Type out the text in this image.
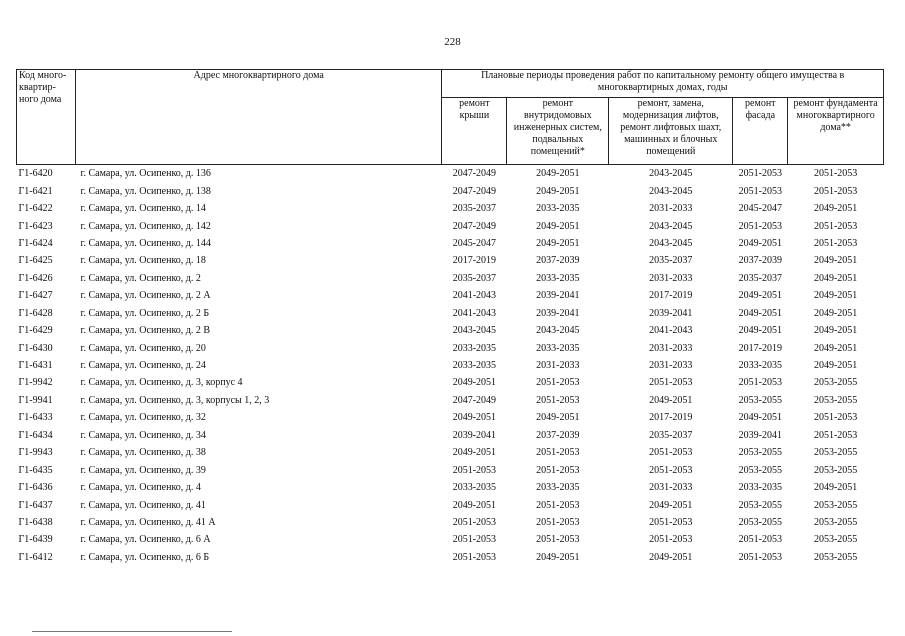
228
Код много-квартир-ного дома	Адрес многоквартирного дома	Плановые периоды проведения работ по капитальному ремонту общего имущества в многоквартирных домах, годы				
		ремонт крыши	ремонт внутридомовых инженерных систем, подвальных помещений*	ремонт, замена, модернизация лифтов, ремонт лифтовых шахт, машинных и блочных помещений	ремонт фасада	ремонт фундамента многоквартирного дома**
Г1-6420	г. Самара, ул. Осипенко, д. 136	2047-2049	2049-2051	2043-2045	2051-2053	2051-2053
Г1-6421	г. Самара, ул. Осипенко, д. 138	2047-2049	2049-2051	2043-2045	2051-2053	2051-2053
Г1-6422	г. Самара, ул. Осипенко, д. 14	2035-2037	2033-2035	2031-2033	2045-2047	2049-2051
Г1-6423	г. Самара, ул. Осипенко, д. 142	2047-2049	2049-2051	2043-2045	2051-2053	2051-2053
Г1-6424	г. Самара, ул. Осипенко, д. 144	2045-2047	2049-2051	2043-2045	2049-2051	2051-2053
Г1-6425	г. Самара, ул. Осипенко, д. 18	2017-2019	2037-2039	2035-2037	2037-2039	2049-2051
Г1-6426	г. Самара, ул. Осипенко, д. 2	2035-2037	2033-2035	2031-2033	2035-2037	2049-2051
Г1-6427	г. Самара, ул. Осипенко, д. 2 А	2041-2043	2039-2041	2017-2019	2049-2051	2049-2051
Г1-6428	г. Самара, ул. Осипенко, д. 2 Б	2041-2043	2039-2041	2039-2041	2049-2051	2049-2051
Г1-6429	г. Самара, ул. Осипенко, д. 2 В	2043-2045	2043-2045	2041-2043	2049-2051	2049-2051
Г1-6430	г. Самара, ул. Осипенко, д. 20	2033-2035	2033-2035	2031-2033	2017-2019	2049-2051
Г1-6431	г. Самара, ул. Осипенко, д. 24	2033-2035	2031-2033	2031-2033	2033-2035	2049-2051
Г1-9942	г. Самара, ул. Осипенко, д. 3, корпус 4	2049-2051	2051-2053	2051-2053	2051-2053	2053-2055
Г1-9941	г. Самара, ул. Осипенко, д. 3, корпусы 1, 2, 3	2047-2049	2051-2053	2049-2051	2053-2055	2053-2055
Г1-6433	г. Самара, ул. Осипенко, д. 32	2049-2051	2049-2051	2017-2019	2049-2051	2051-2053
Г1-6434	г. Самара, ул. Осипенко, д. 34	2039-2041	2037-2039	2035-2037	2039-2041	2051-2053
Г1-9943	г. Самара, ул. Осипенко, д. 38	2049-2051	2051-2053	2051-2053	2053-2055	2053-2055
Г1-6435	г. Самара, ул. Осипенко, д. 39	2051-2053	2051-2053	2051-2053	2053-2055	2053-2055
Г1-6436	г. Самара, ул. Осипенко, д. 4	2033-2035	2033-2035	2031-2033	2033-2035	2049-2051
Г1-6437	г. Самара, ул. Осипенко, д. 41	2049-2051	2051-2053	2049-2051	2053-2055	2053-2055
Г1-6438	г. Самара, ул. Осипенко, д. 41 А	2051-2053	2051-2053	2051-2053	2053-2055	2053-2055
Г1-6439	г. Самара, ул. Осипенко, д. 6 А	2051-2053	2051-2053	2051-2053	2051-2053	2053-2055
Г1-6412	г. Самара, ул. Осипенко, д. 6 Б	2051-2053	2049-2051	2049-2051	2051-2053	2053-2055
